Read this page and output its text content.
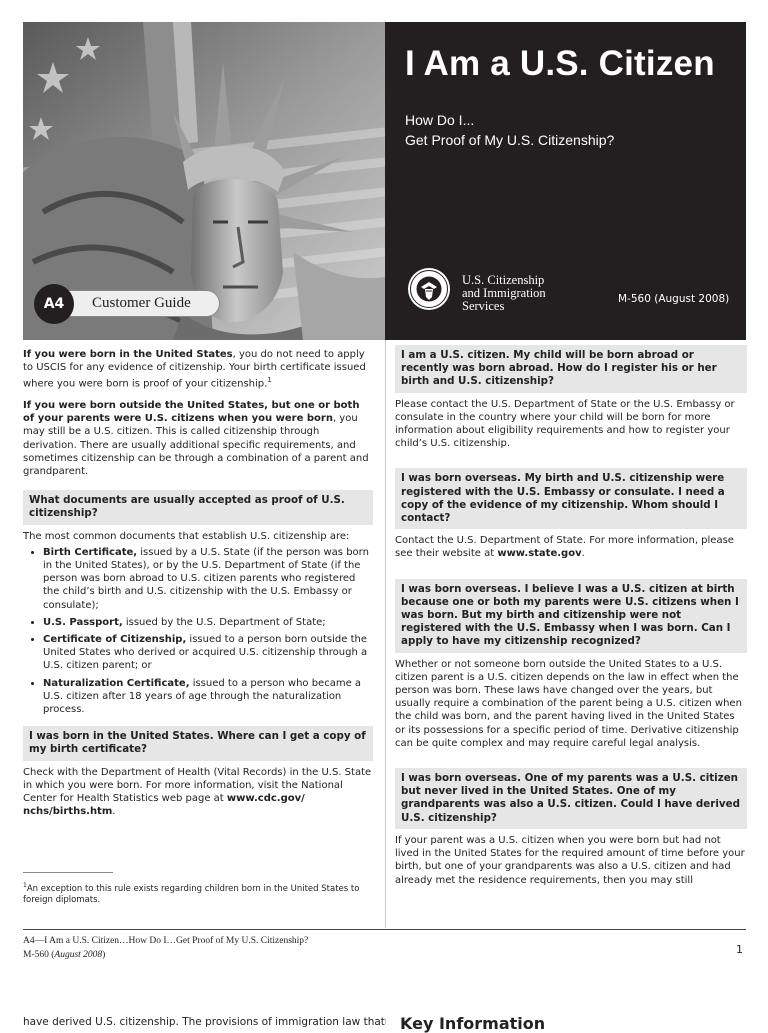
A4	Customer Guide
I Am a U.S. Citizen
How Do I...
Get Proof of My U.S. Citizenship?
U.S. Citizenship
and Immigration
Services	M-560 (August 2008)

If you were born in the United States, you do not need to apply to USCIS for any evidence of citizenship. Your birth certificate issued where you were born is proof of your citizenship.$^1$

If you were born outside the United States, but one or both of your parents were U.S. citizens when you were born, you may still be a U.S. citizen. This is called citizenship through derivation. There are usually additional specific requirements, and sometimes citizenship can be through a combination of a parent and grandparent.

What documents are usually accepted as proof of U.S. citizenship?

The most common documents that establish U.S. citizenship are:

• Birth Certificate, issued by a U.S. State (if the person was born in the United States), or by the U.S. Department of State (if the person was born abroad to U.S. citizen parents who registered the child’s birth and U.S. citizenship with the U.S. Embassy or consulate);
• U.S. Passport, issued by the U.S. Department of State;
• Certificate of Citizenship, issued to a person born outside the United States who derived or acquired U.S. citizenship through a U.S. citizen parent; or
• Naturalization Certificate, issued to a person who became a U.S. citizen after 18 years of age through the naturalization process.
I was born in the United States. Where can I get a copy of my birth certificate?

Check with the Department of Health (Vital Records) in the U.S. State in which you were born. For more information, visit the National Center for Health Statistics web page at www.cdc.gov/ nchs/births.htm.

$^1$An exception to this rule exists regarding children born in the United States to foreign diplomats.
I am a U.S. citizen. My child will be born abroad or recently was born abroad. How do I register his or her birth and U.S. citizenship?

Please contact the U.S. Department of State or the U.S. Embassy or consulate in the country where your child will be born for more information about eligibility requirements and how to register your child’s U.S. citizenship.

I was born overseas. My birth and U.S. citizenship were registered with the U.S. Embassy or consulate. I need a copy of the evidence of my citizenship. Whom should I contact?

Contact the U.S. Department of State. For more information, please see their website at www.state.gov.

I was born overseas. I believe I was a U.S. citizen at birth because one or both my parents were U.S. citizens when I was born. But my birth and citizenship were not registered with the U.S. Embassy when I was born. Can I apply to have my citizenship recognized?

Whether or not someone born outside the United States to a U.S. citizen parent is a U.S. citizen depends on the law in effect when the person was born. These laws have changed over the years, but usually require a combination of the parent being a U.S. citizen when the child was born, and the parent having lived in the United States or its possessions for a specific period of time. Derivative citizenship can be quite complex and may require careful legal analysis.

I was born overseas. One of my parents was a U.S. citizen but never lived in the United States. One of my grandparents was also a U.S. citizen. Could I have derived U.S. citizenship?

If your parent was a U.S. citizen when you were born but had not lived in the United States for the required amount of time before your birth, but one of your grandparents was also a U.S. citizen and had already met the residence requirements, then you may still

A4—I Am a U.S. Citizen…How Do I…Get Proof of My U.S. Citizenship?
M-560 (August 2008)	1
have derived U.S. citizenship. The provisions of immigration law that Key Information
